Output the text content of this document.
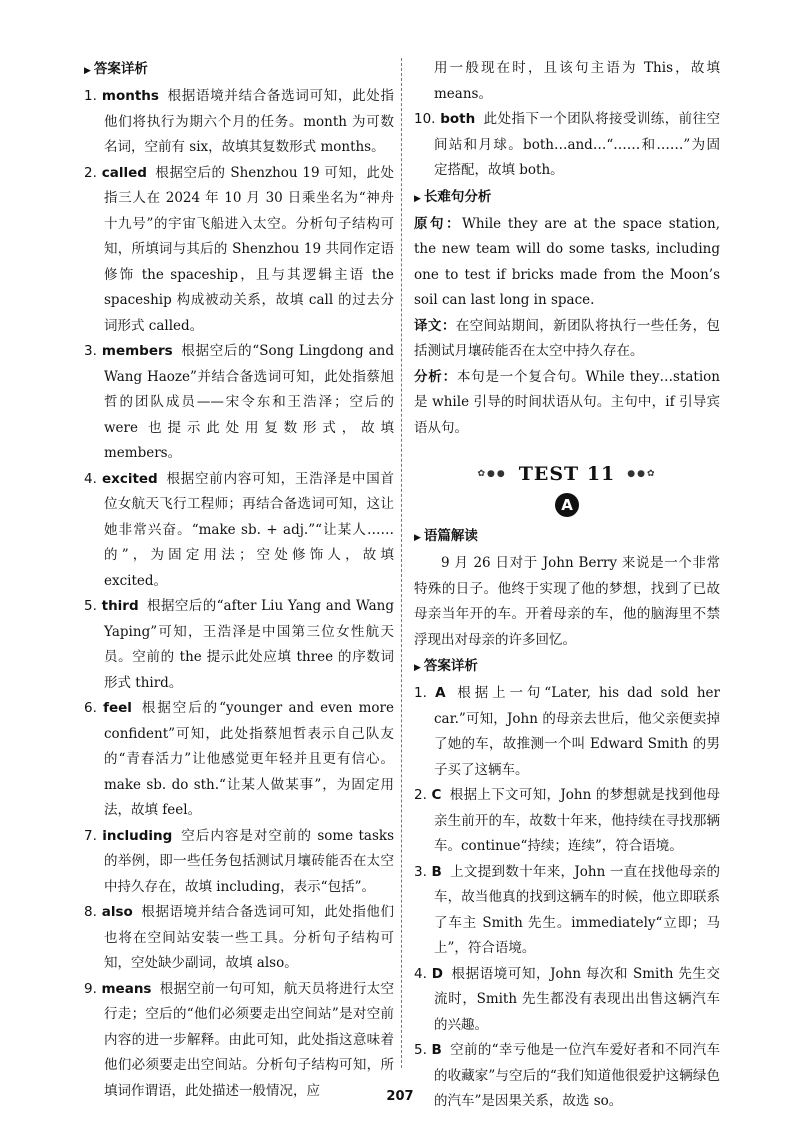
▶ 答案详析
1. months 根据语境并结合备选词可知，此处指他们将执行为期六个月的任务。month 为可数名词，空前有 six，故填其复数形式 months。
2. called 根据空后的 Shenzhou 19 可知，此处指三人在 2024 年 10 月 30 日乘坐名为“神舟十九号”的宇宙飞船进入太空。分析句子结构可知，所填词与其后的 Shenzhou 19 共同作定语修饰 the spaceship，且与其逻辑主语 the spaceship 构成被动关系，故填 call 的过去分词形式 called。
3. members 根据空后的“Song Lingdong and Wang Haoze”并结合备选词可知，此处指蔡旭哲的团队成员——宋令东和王浩泽；空后的 were 也提示此处用复数形式，故填 members。
4. excited 根据空前内容可知，王浩泽是中国首位女航天飞行工程师；再结合备选词可知，这让她非常兴奋。“make sb. + adj.”“让某人……的”，为固定用法；空处修饰人，故填 excited。
5. third 根据空后的“after Liu Yang and Wang Yaping”可知，王浩泽是中国第三位女性航天员。空前的 the 提示此处应填 three 的序数词形式 third。
6. feel 根据空后的“younger and even more confident”可知，此处指蔡旭哲表示自己队友的“青春活力”让他感觉更年轻并且更有信心。make sb. do sth.“让某人做某事”，为固定用法，故填 feel。
7. including 空后内容是对空前的 some tasks 的举例，即一些任务包括测试月壤砖能否在太空中持久存在，故填 including，表示“包括”。
8. also 根据语境并结合备选词可知，此处指他们也将在空间站安装一些工具。分析句子结构可知，空处缺少副词，故填 also。
9. means 根据空前一句可知，航天员将进行太空行走；空后的“他们必须要走出空间站”是对空前内容的进一步解释。由此可知，此处指这意味着他们必须要走出空间站。分析句子结构可知，所填词作谓语，此处描述一般情况，应
用一般现在时，且该句主语为 This，故填 means。
10. both 此处指下一个团队将接受训练，前往空间站和月球。both…and…“……和……”为固定搭配，故填 both。
▶ 长难句分析
原句：While they are at the space station, the new team will do some tasks, including one to test if bricks made from the Moon’s soil can last long in space.
译文：在空间站期间，新团队将执行一些任务，包括测试月壤砖能否在太空中持久存在。
分析：本句是一个复合句。While they…station 是 while 引导的时间状语从句。主句中，if 引导宾语从句。
✿●● TEST 11 ●●✿
A
▶ 语篇解读
9 月 26 日对于 John Berry 来说是一个非常特殊的日子。他终于实现了他的梦想，找到了已故母亲当年开的车。开着母亲的车，他的脑海里不禁浮现出对母亲的许多回忆。
▶ 答案详析
1. A 根据上一句“Later, his dad sold her car.”可知，John 的母亲去世后，他父亲便卖掉了她的车，故推测一个叫 Edward Smith 的男子买了这辆车。
2. C 根据上下文可知，John 的梦想就是找到他母亲生前开的车，故数十年来，他持续在寻找那辆车。continue“持续；连续”，符合语境。
3. B 上文提到数十年来，John 一直在找他母亲的车，故当他真的找到这辆车的时候，他立即联系了车主 Smith 先生。immediately“立即；马上”，符合语境。
4. D 根据语境可知，John 每次和 Smith 先生交流时，Smith 先生都没有表现出出售这辆汽车的兴趣。
5. B 空前的“幸亏他是一位汽车爱好者和不同汽车的收藏家”与空后的“我们知道他很爱护这辆绿色的汽车”是因果关系，故选 so。
207
